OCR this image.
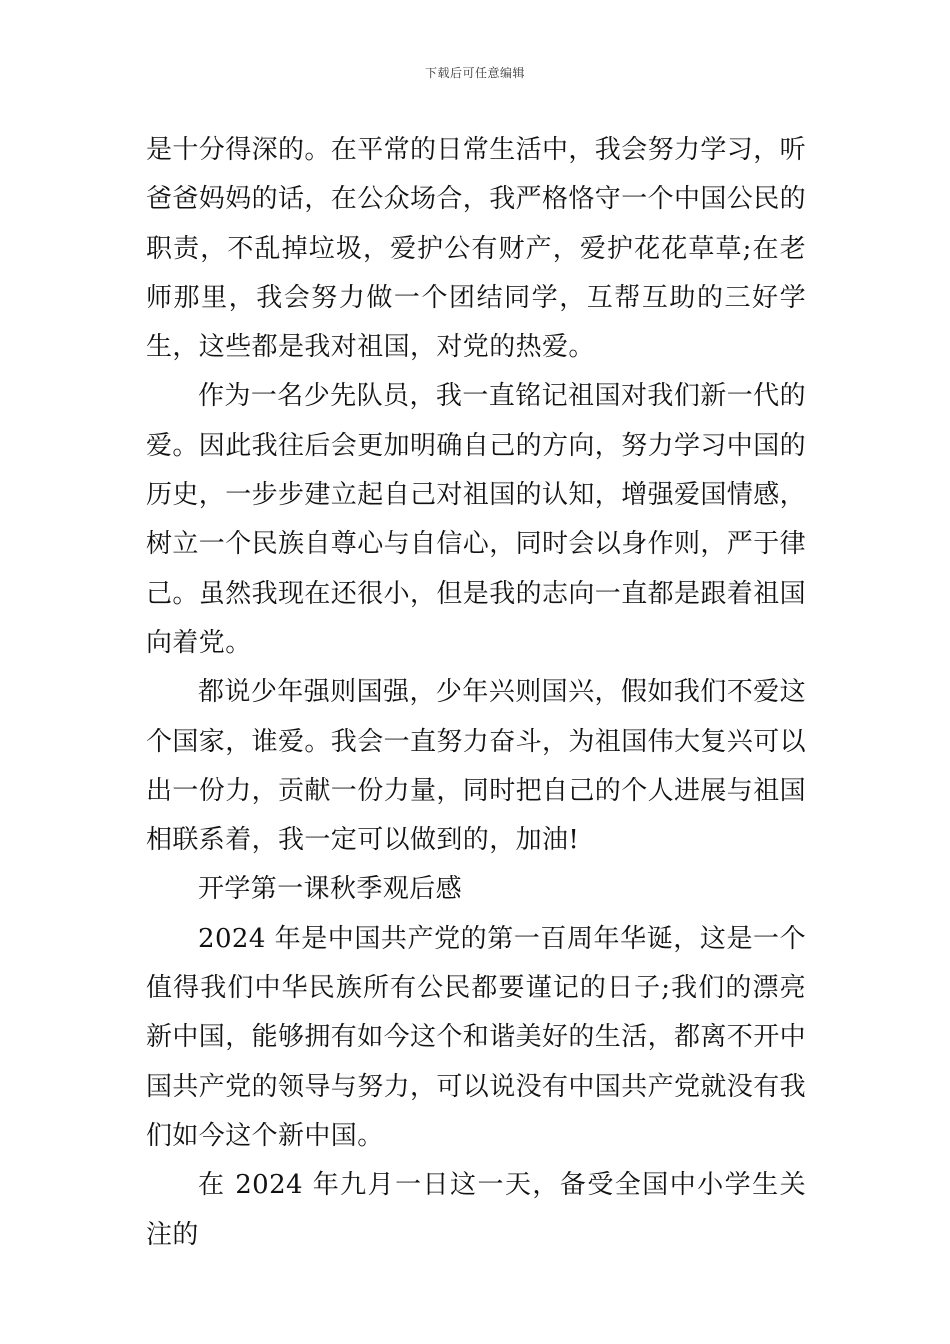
下载后可任意编辑

是十分得深的。在平常的日常生活中，我会努力学习，听爸爸妈妈的话，在公众场合，我严格恪守一个中国公民的职责，不乱掉垃圾，爱护公有财产，爱护花花草草;在老师那里，我会努力做一个团结同学，互帮互助的三好学生，这些都是我对祖国，对党的热爱。

作为一名少先队员，我一直铭记祖国对我们新一代的爱。因此我往后会更加明确自己的方向，努力学习中国的历史，一步步建立起自己对祖国的认知，增强爱国情感，树立一个民族自尊心与自信心，同时会以身作则，严于律己。虽然我现在还很小，但是我的志向一直都是跟着祖国向着党。

都说少年强则国强，少年兴则国兴，假如我们不爱这个国家，谁爱。我会一直努力奋斗，为祖国伟大复兴可以出一份力，贡献一份力量，同时把自己的个人进展与祖国相联系着，我一定可以做到的，加油!

开学第一课秋季观后感

2024 年是中国共产党的第一百周年华诞，这是一个值得我们中华民族所有公民都要谨记的日子;我们的漂亮新中国，能够拥有如今这个和谐美好的生活，都离不开中国共产党的领导与努力，可以说没有中国共产党就没有我们如今这个新中国。

在 2024 年九月一日这一天，备受全国中小学生关注的
